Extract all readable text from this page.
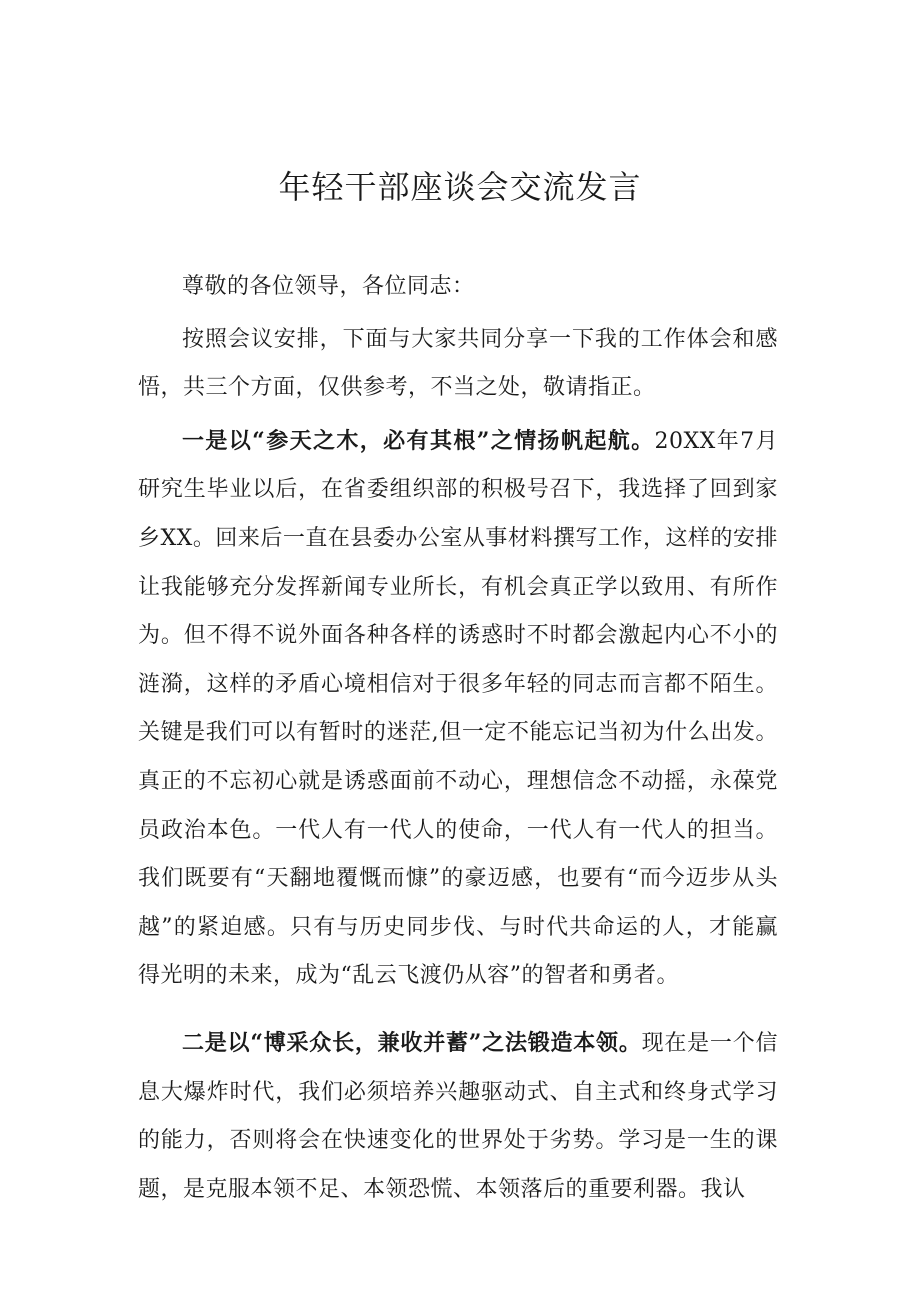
年轻干部座谈会交流发言

尊敬的各位领导，各位同志：

按照会议安排，下面与大家共同分享一下我的工作体会和感悟，共三个方面，仅供参考，不当之处，敬请指正。

一是以“参天之木，必有其根”之情扬帆起航。20XX年7月研究生毕业以后，在省委组织部的积极号召下，我选择了回到家乡XX。回来后一直在县委办公室从事材料撰写工作，这样的安排让我能够充分发挥新闻专业所长，有机会真正学以致用、有所作为。但不得不说外面各种各样的诱惑时不时都会激起内心不小的涟漪，这样的矛盾心境相信对于很多年轻的同志而言都不陌生。关键是我们可以有暂时的迷茫,但一定不能忘记当初为什么出发。真正的不忘初心就是诱惑面前不动心，理想信念不动摇，永葆党员政治本色。一代人有一代人的使命，一代人有一代人的担当。我们既要有“天翻地覆慨而慷”的豪迈感，也要有“而今迈步从头越”的紧迫感。只有与历史同步伐、与时代共命运的人，才能赢得光明的未来，成为“乱云飞渡仍从容”的智者和勇者。

二是以“博采众长，兼收并蓄”之法锻造本领。现在是一个信息大爆炸时代，我们必须培养兴趣驱动式、自主式和终身式学习的能力，否则将会在快速变化的世界处于劣势。学习是一生的课题，是克服本领不足、本领恐慌、本领落后的重要利器。我认
